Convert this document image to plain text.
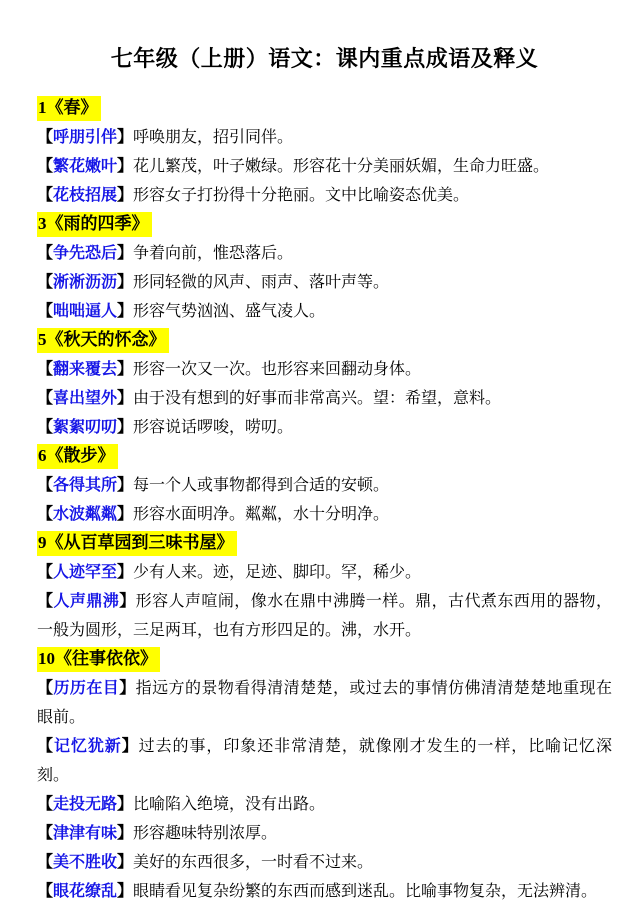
七年级（上册）语文：课内重点成语及释义

1《春》

【呼朋引伴】呼唤朋友，招引同伴。

【繁花嫩叶】花儿繁茂，叶子嫩绿。形容花十分美丽妖媚，生命力旺盛。

【花枝招展】形容女子打扮得十分艳丽。文中比喻姿态优美。

3《雨的四季》

【争先恐后】争着向前，惟恐落后。

【淅淅沥沥】形同轻微的风声、雨声、落叶声等。

【咄咄逼人】形容气势汹汹、盛气凌人。

5《秋天的怀念》

【翻来覆去】形容一次又一次。也形容来回翻动身体。

【喜出望外】由于没有想到的好事而非常高兴。望：希望，意料。

【絮絮叨叨】形容说话啰唆，唠叨。

6《散步》

【各得其所】每一个人或事物都得到合适的安顿。

【水波粼粼】形容水面明净。粼粼，水十分明净。

9《从百草园到三味书屋》

【人迹罕至】少有人来。迹，足迹、脚印。罕，稀少。

【人声鼎沸】形容人声喧闹，像水在鼎中沸腾一样。鼎，古代煮东西用的器物，一般为圆形，三足两耳，也有方形四足的。沸，水开。

10《往事依依》

【历历在目】指远方的景物看得清清楚楚，或过去的事情仿佛清清楚楚地重现在眼前。

【记忆犹新】过去的事，印象还非常清楚，就像刚才发生的一样，比喻记忆深刻。

【走投无路】比喻陷入绝境，没有出路。

【津津有味】形容趣味特别浓厚。

【美不胜收】美好的东西很多，一时看不过来。

【眼花缭乱】眼睛看见复杂纷繁的东西而感到迷乱。比喻事物复杂，无法辨清。
